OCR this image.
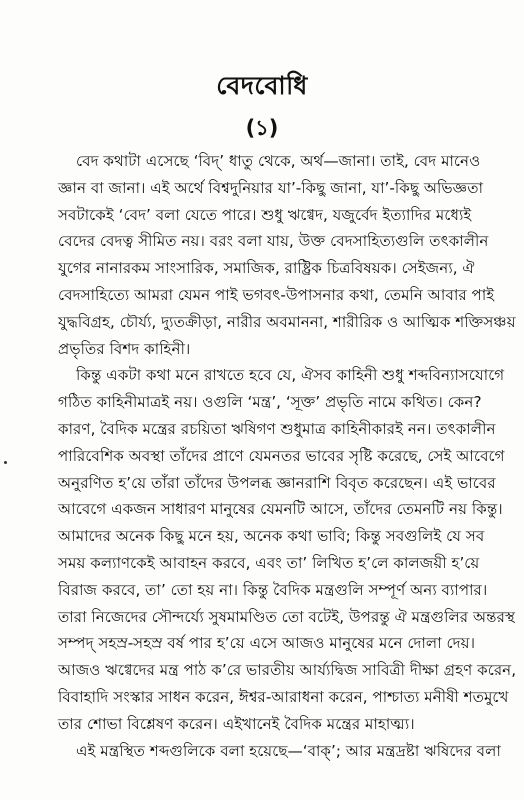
বেদবোধি
(১)
বেদ কথাটা এসেছে ‘বিদ্’ ধাতু থেকে, অর্থ—জানা। তাই, বেদ মানেও
জ্ঞান বা জানা। এই অর্থে বিশ্বদুনিয়ার যা’-কিছু জানা, যা’-কিছু অভিজ্ঞতা
সবটাকেই ‘বেদ’ বলা যেতে পারে। শুধু ঋগ্বেদ, যজুর্বেদ ইত্যাদির মধ্যেই
বেদের বেদত্ব সীমিত নয়। বরং বলা যায়, উক্ত বেদসাহিত্যগুলি তৎকালীন
যুগের নানারকম সাংসারিক, সমাজিক, রাষ্ট্রিক চিত্রবিষয়ক। সেইজন্য, ঐ
বেদসাহিত্যে আমরা যেমন পাই ভগবৎ-উপাসনার কথা, তেমনি আবার পাই
যুদ্ধবিগ্রহ, চৌর্য্য, দ্যুতক্রীড়া, নারীর অবমাননা, শারীরিক ও আত্মিক শক্তিসঞ্চয়
প্রভৃতির বিশদ কাহিনী।
কিন্তু একটা কথা মনে রাখতে হবে যে, ঐসব কাহিনী শুধু শব্দবিন্যাসযোগে
গঠিত কাহিনীমাত্রই নয়। ওগুলি ‘মন্ত্র’, ‘সূক্ত’ প্রভৃতি নামে কথিত। কেন?
কারণ, বৈদিক মন্ত্রের রচয়িতা ঋষিগণ শুধুমাত্র কাহিনীকারই নন। তৎকালীন
পারিবেশিক অবস্থা তাঁদের প্রাণে যেমনতর ভাবের সৃষ্টি করেছে, সেই আবেগে
অনুরণিত হ’য়ে তাঁরা তাঁদের উপলব্ধ জ্ঞানরাশি বিবৃত করেছেন। এই ভাবের
আবেগে একজন সাধারণ মানুষের যেমনটি আসে, তাঁদের তেমনটি নয় কিন্তু।
আমাদের অনেক কিছু মনে হয়, অনেক কথা ভাবি; কিন্তু সবগুলিই যে সব
সময় কল্যাণকেই আবাহন করবে, এবং তা’ লিখিত হ’লে কালজয়ী হ’য়ে
বিরাজ করবে, তা’ তো হয় না। কিন্তু বৈদিক মন্ত্রগুলি সম্পূর্ণ অন্য ব্যাপার।
তারা নিজেদের সৌন্দর্য্যে সুষমামণ্ডিত তো বটেই, উপরন্তু ঐ মন্ত্রগুলির অন্তরস্থ
সম্পদ্ সহস্র-সহস্র বর্ষ পার হ’য়ে এসে আজও মানুষের মনে দোলা দেয়।
আজও ঋগ্বেদের মন্ত্র পাঠ ক’রে ভারতীয় আর্য্যদ্বিজ সাবিত্রী দীক্ষা গ্রহণ করেন,
বিবাহাদি সংস্কার সাধন করেন, ঈশ্বর-আরাধনা করেন, পাশ্চাত্য মনীষী শতমুখে
তার শোভা বিশ্লেষণ করেন। এইখানেই বৈদিক মন্ত্রের মাহাত্ম্য।
এই মন্ত্রস্থিত শব্দগুলিকে বলা হয়েছে—‘বাক্’; আর মন্ত্রদ্রষ্টা ঋষিদের বলা
